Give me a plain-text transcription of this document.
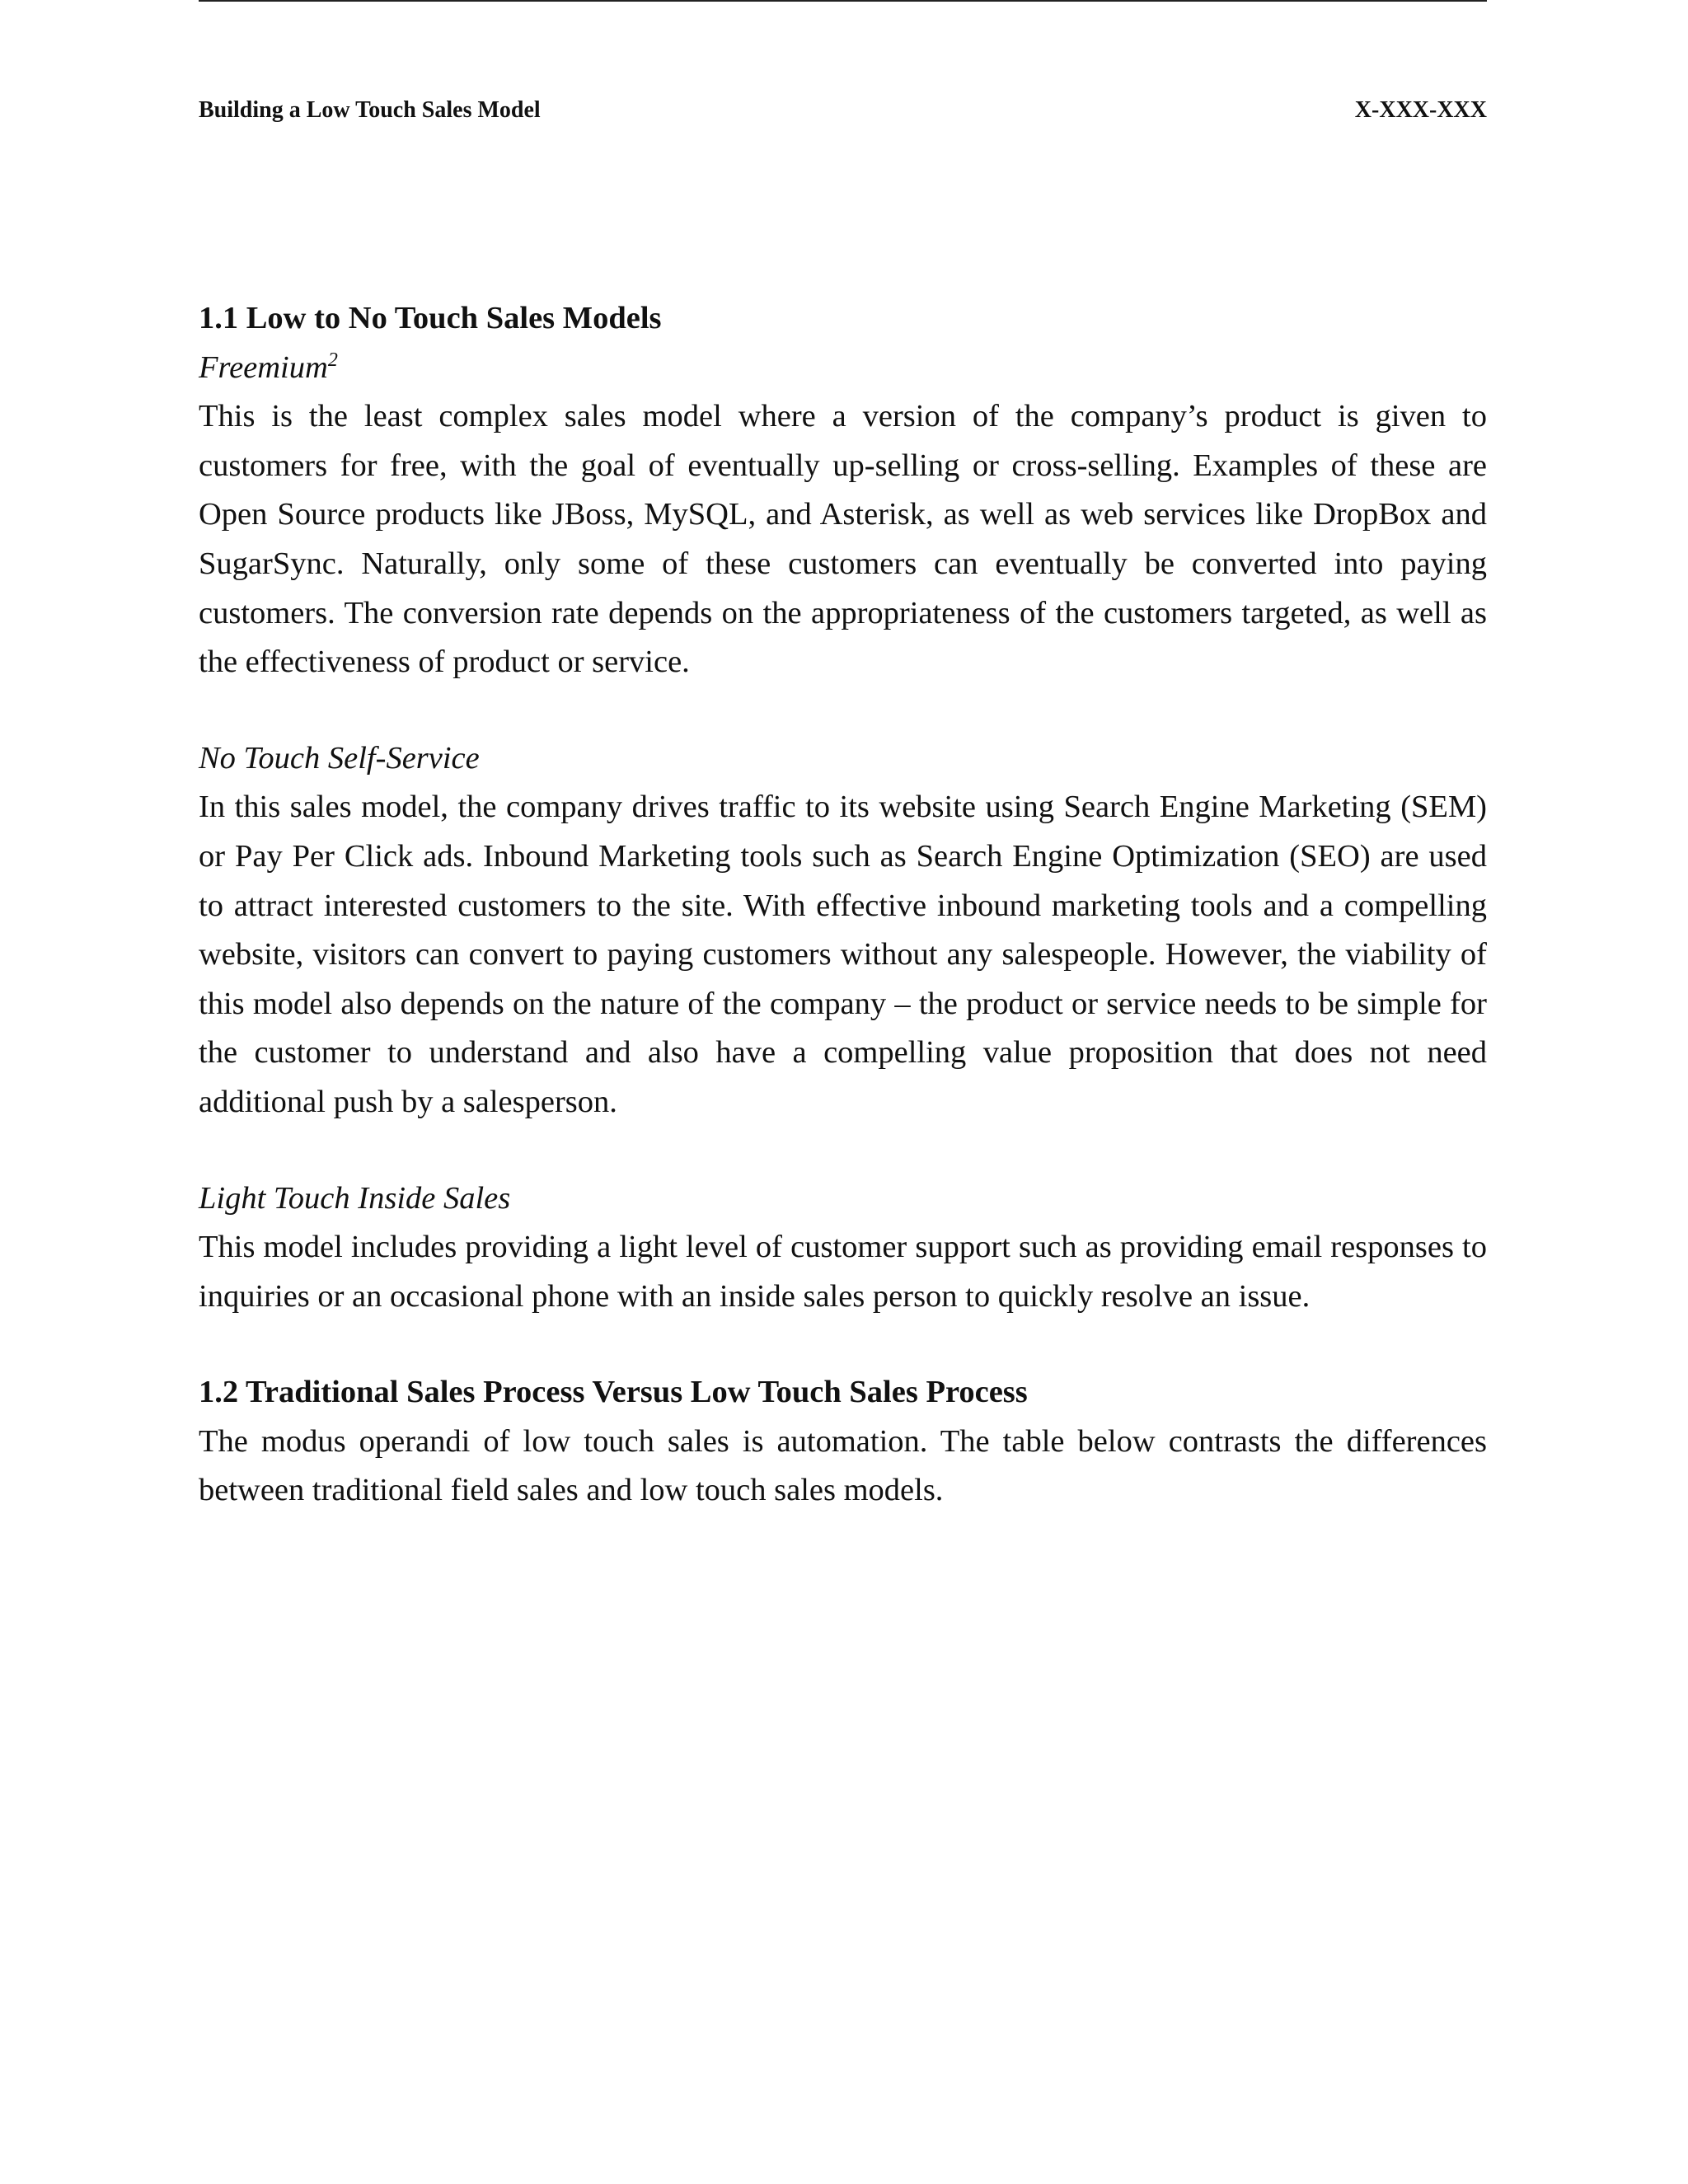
Building a Low Touch Sales Model	X-XXX-XXX

1.1 Low to No Touch Sales Models

Freemium$^2$

This is the least complex sales model where a version of the company’s product is given to customers for free, with the goal of eventually up-selling or cross-selling. Examples of these are Open Source products like JBoss, MySQL, and Asterisk, as well as web services like DropBox and SugarSync. Naturally, only some of these customers can eventually be converted into paying customers. The conversion rate depends on the appropriateness of the customers targeted, as well as the effectiveness of product or service.

No Touch Self-Service

In this sales model, the company drives traffic to its website using Search Engine Marketing (SEM) or Pay Per Click ads. Inbound Marketing tools such as Search Engine Optimization (SEO) are used to attract interested customers to the site. With effective inbound marketing tools and a compelling website, visitors can convert to paying customers without any salespeople. However, the viability of this model also depends on the nature of the company – the product or service needs to be simple for the customer to understand and also have a compelling value proposition that does not need additional push by a salesperson.

Light Touch Inside Sales

This model includes providing a light level of customer support such as providing email responses to inquiries or an occasional phone with an inside sales person to quickly resolve an issue.

1.2 Traditional Sales Process Versus Low Touch Sales Process

The modus operandi of low touch sales is automation. The table below contrasts the differences between traditional field sales and low touch sales models.
